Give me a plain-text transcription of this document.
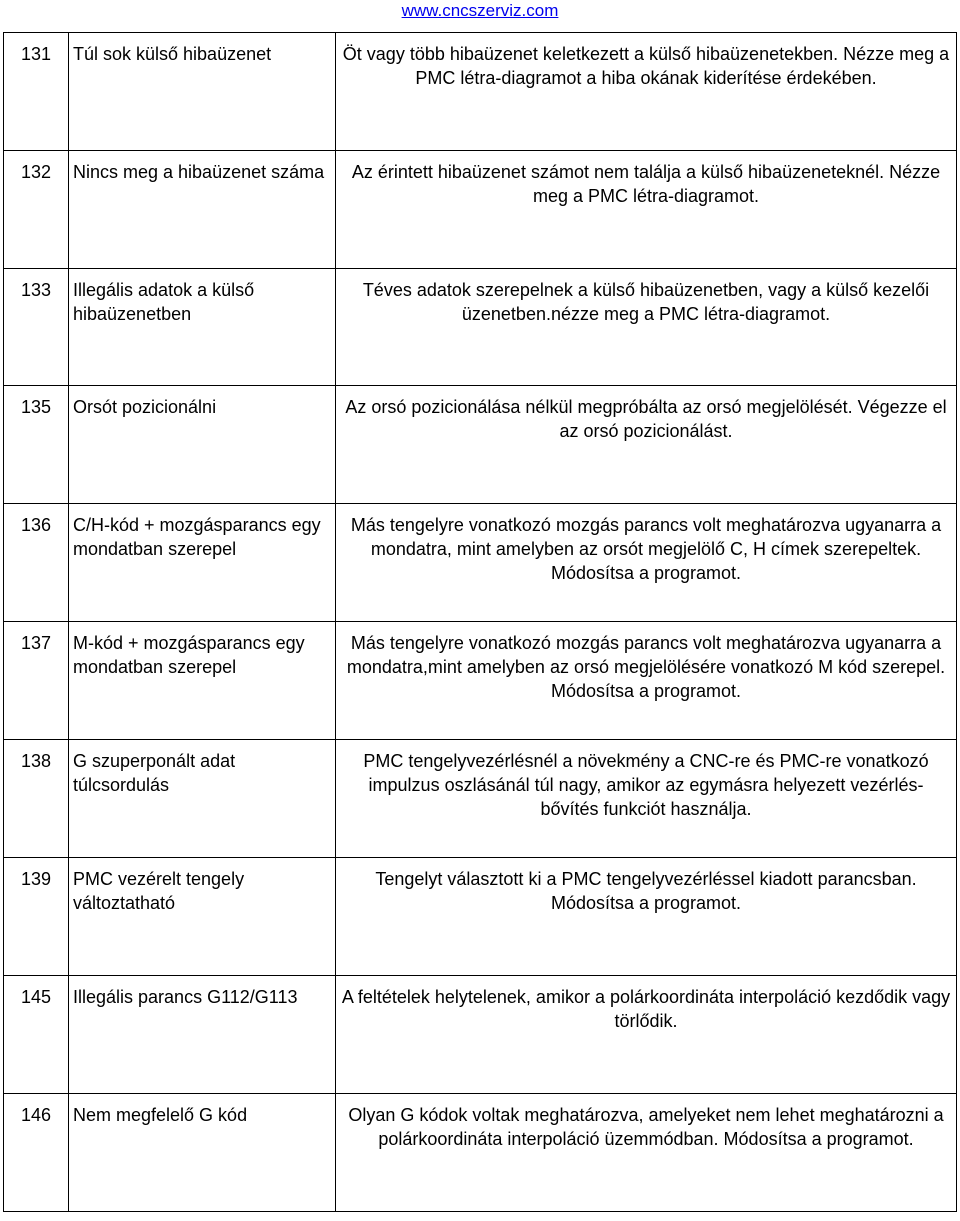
www.cncszerviz.com
131	Túl sok külső hibaüzenet	Öt vagy több hibaüzenet keletkezett a külső hibaüzenetekben. Nézze meg a PMC létra-diagramot a hiba okának kiderítése érdekében.
132	Nincs meg a hibaüzenet száma	Az érintett hibaüzenet számot nem találja a külső hibaüzeneteknél. Nézze meg a PMC létra-diagramot.
133	Illegális adatok a külső hibaüzenetben	Téves adatok szerepelnek a külső hibaüzenetben, vagy a külső kezelői üzenetben.nézze meg a PMC létra-diagramot.
135	Orsót pozicionálni	Az orsó pozicionálása nélkül megpróbálta az orsó megjelölését. Végezze el az orsó pozicionálást.
136	C/H-kód + mozgásparancs egy mondatban szerepel	Más tengelyre vonatkozó mozgás parancs volt meghatározva ugyanarra a mondatra, mint amelyben az orsót megjelölő C, H címek szerepeltek. Módosítsa a programot.
137	M-kód + mozgásparancs egy mondatban szerepel	Más tengelyre vonatkozó mozgás parancs volt meghatározva ugyanarra a mondatra,mint amelyben az orsó megjelölésére vonatkozó M kód szerepel. Módosítsa a programot.
138	G szuperponált adat túlcsordulás	PMC tengelyvezérlésnél a növekmény a CNC-re és PMC-re vonatkozó impulzus oszlásánál túl nagy, amikor az egymásra helyezett vezérlés-bővítés funkciót használja.
139	PMC vezérelt tengely változtatható	Tengelyt választott ki a PMC tengelyvezérléssel kiadott parancsban. Módosítsa a programot.
145	Illegális parancs G112/G113	A feltételek helytelenek, amikor a polárkoordináta interpoláció kezdődik vagy törlődik.
146	Nem megfelelő G kód	Olyan G kódok voltak meghatározva, amelyeket nem lehet meghatározni a polárkoordináta interpoláció üzemmódban. Módosítsa a programot.
